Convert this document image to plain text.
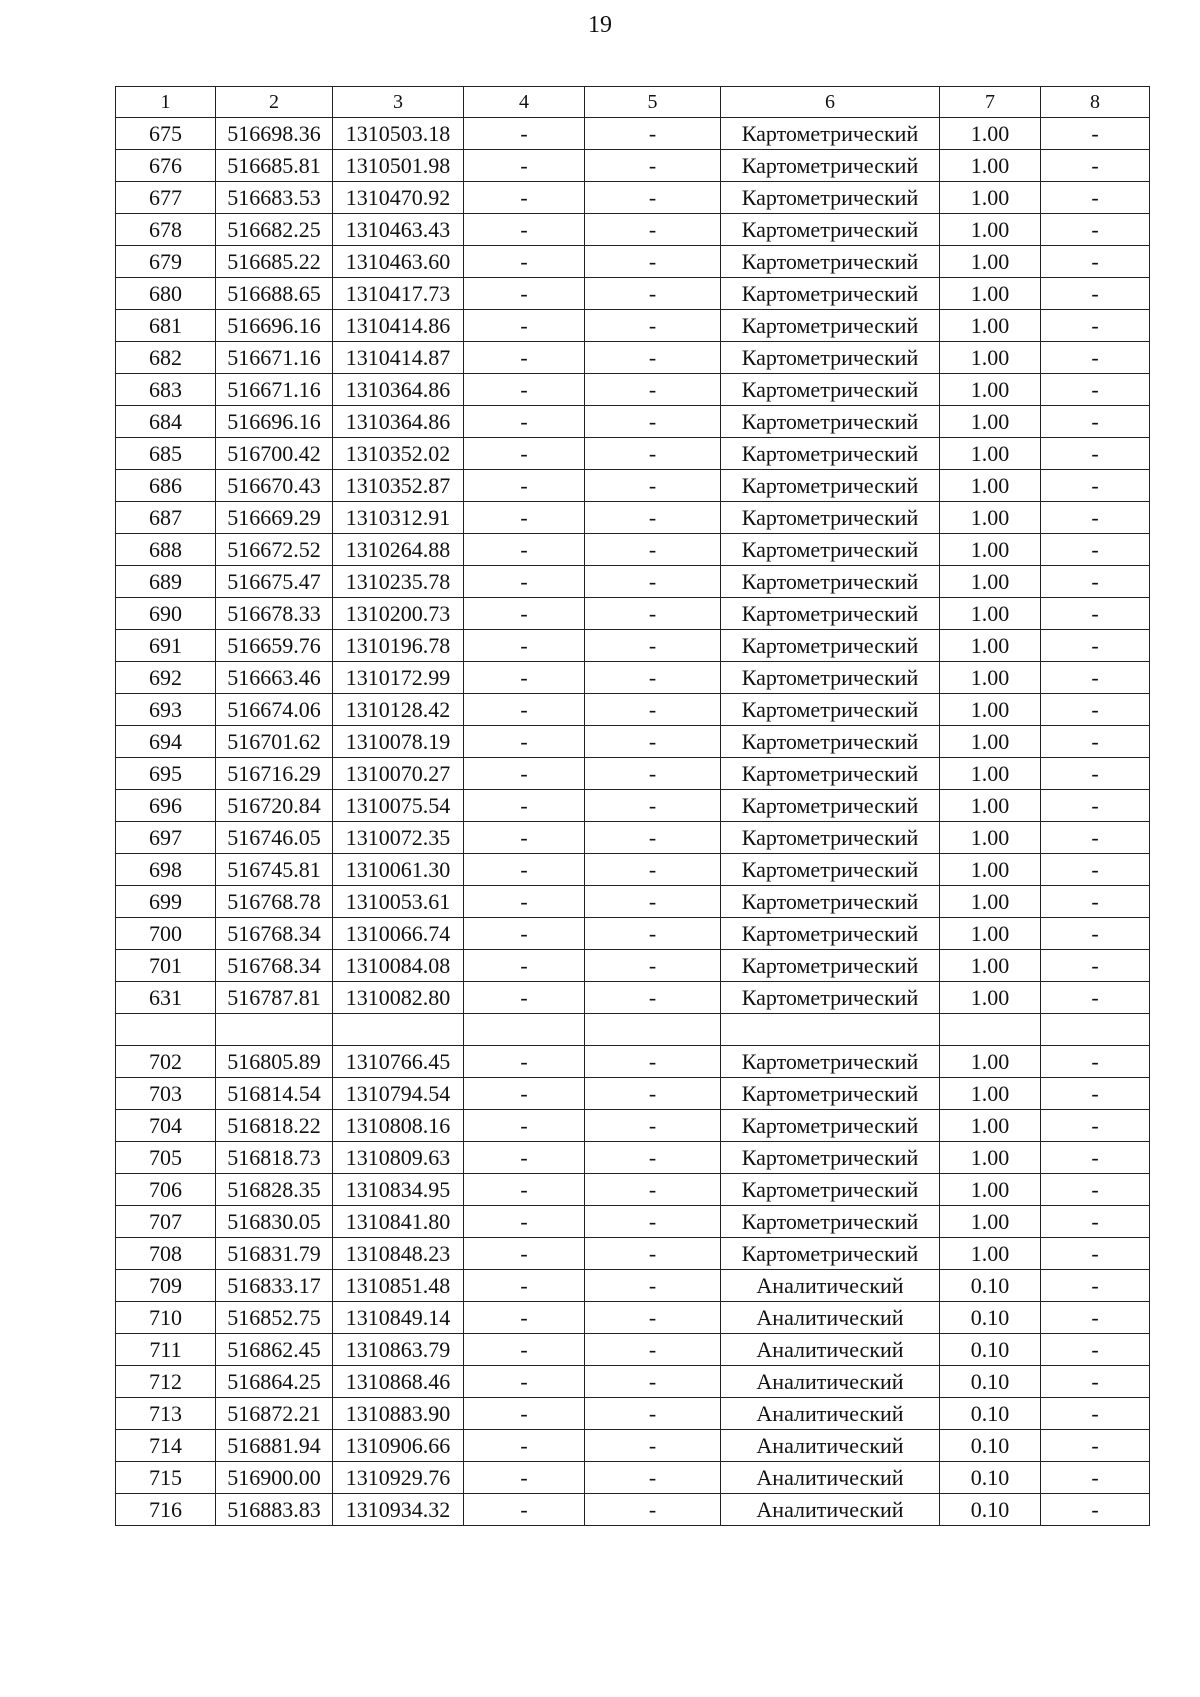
19
1	2	3	4	5	6	7	8
675	516698.36	1310503.18	-	-	Картометрический	1.00	-
676	516685.81	1310501.98	-	-	Картометрический	1.00	-
677	516683.53	1310470.92	-	-	Картометрический	1.00	-
678	516682.25	1310463.43	-	-	Картометрический	1.00	-
679	516685.22	1310463.60	-	-	Картометрический	1.00	-
680	516688.65	1310417.73	-	-	Картометрический	1.00	-
681	516696.16	1310414.86	-	-	Картометрический	1.00	-
682	516671.16	1310414.87	-	-	Картометрический	1.00	-
683	516671.16	1310364.86	-	-	Картометрический	1.00	-
684	516696.16	1310364.86	-	-	Картометрический	1.00	-
685	516700.42	1310352.02	-	-	Картометрический	1.00	-
686	516670.43	1310352.87	-	-	Картометрический	1.00	-
687	516669.29	1310312.91	-	-	Картометрический	1.00	-
688	516672.52	1310264.88	-	-	Картометрический	1.00	-
689	516675.47	1310235.78	-	-	Картометрический	1.00	-
690	516678.33	1310200.73	-	-	Картометрический	1.00	-
691	516659.76	1310196.78	-	-	Картометрический	1.00	-
692	516663.46	1310172.99	-	-	Картометрический	1.00	-
693	516674.06	1310128.42	-	-	Картометрический	1.00	-
694	516701.62	1310078.19	-	-	Картометрический	1.00	-
695	516716.29	1310070.27	-	-	Картометрический	1.00	-
696	516720.84	1310075.54	-	-	Картометрический	1.00	-
697	516746.05	1310072.35	-	-	Картометрический	1.00	-
698	516745.81	1310061.30	-	-	Картометрический	1.00	-
699	516768.78	1310053.61	-	-	Картометрический	1.00	-
700	516768.34	1310066.74	-	-	Картометрический	1.00	-
701	516768.34	1310084.08	-	-	Картометрический	1.00	-
631	516787.81	1310082.80	-	-	Картометрический	1.00	-

702	516805.89	1310766.45	-	-	Картометрический	1.00	-
703	516814.54	1310794.54	-	-	Картометрический	1.00	-
704	516818.22	1310808.16	-	-	Картометрический	1.00	-
705	516818.73	1310809.63	-	-	Картометрический	1.00	-
706	516828.35	1310834.95	-	-	Картометрический	1.00	-
707	516830.05	1310841.80	-	-	Картометрический	1.00	-
708	516831.79	1310848.23	-	-	Картометрический	1.00	-
709	516833.17	1310851.48	-	-	Аналитический	0.10	-
710	516852.75	1310849.14	-	-	Аналитический	0.10	-
711	516862.45	1310863.79	-	-	Аналитический	0.10	-
712	516864.25	1310868.46	-	-	Аналитический	0.10	-
713	516872.21	1310883.90	-	-	Аналитический	0.10	-
714	516881.94	1310906.66	-	-	Аналитический	0.10	-
715	516900.00	1310929.76	-	-	Аналитический	0.10	-
716	516883.83	1310934.32	-	-	Аналитический	0.10	-
